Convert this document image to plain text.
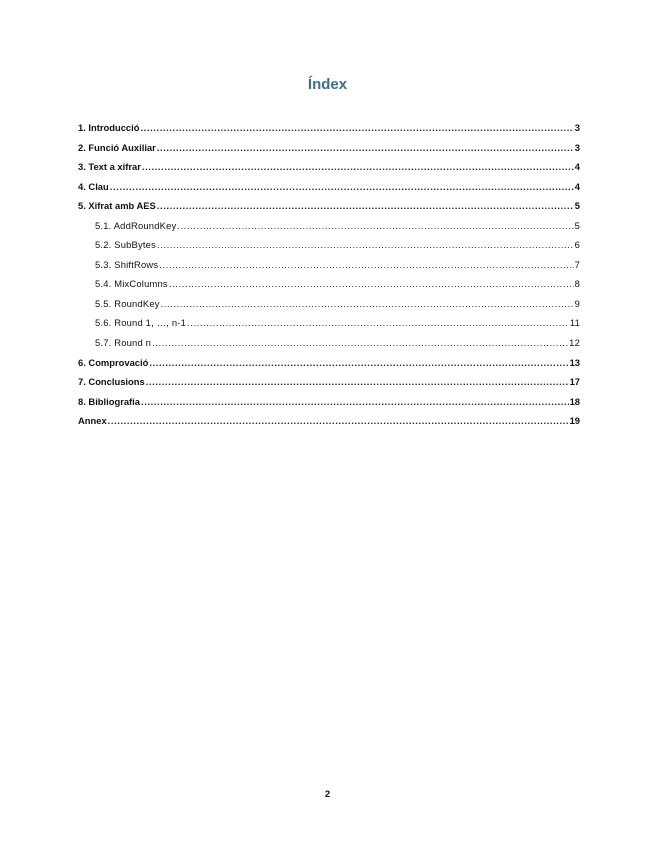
Índex
1. Introducció .....	3
2. Funció Auxiliar .....	3
3. Text a xifrar .....	4
4. Clau .....	4
5. Xifrat amb AES .....	5
5.1. AddRoundKey .....	5
5.2. SubBytes .....	6
5.3. ShiftRows .....	7
5.4. MixColumns .....	8
5.5. RoundKey .....	9
5.6. Round 1, …, n-1 .....	11
5.7. Round n .....	12
6. Comprovació .....	13
7. Conclusions .....	17
8. Bibliografia .....	18
Annex .....	19
2
